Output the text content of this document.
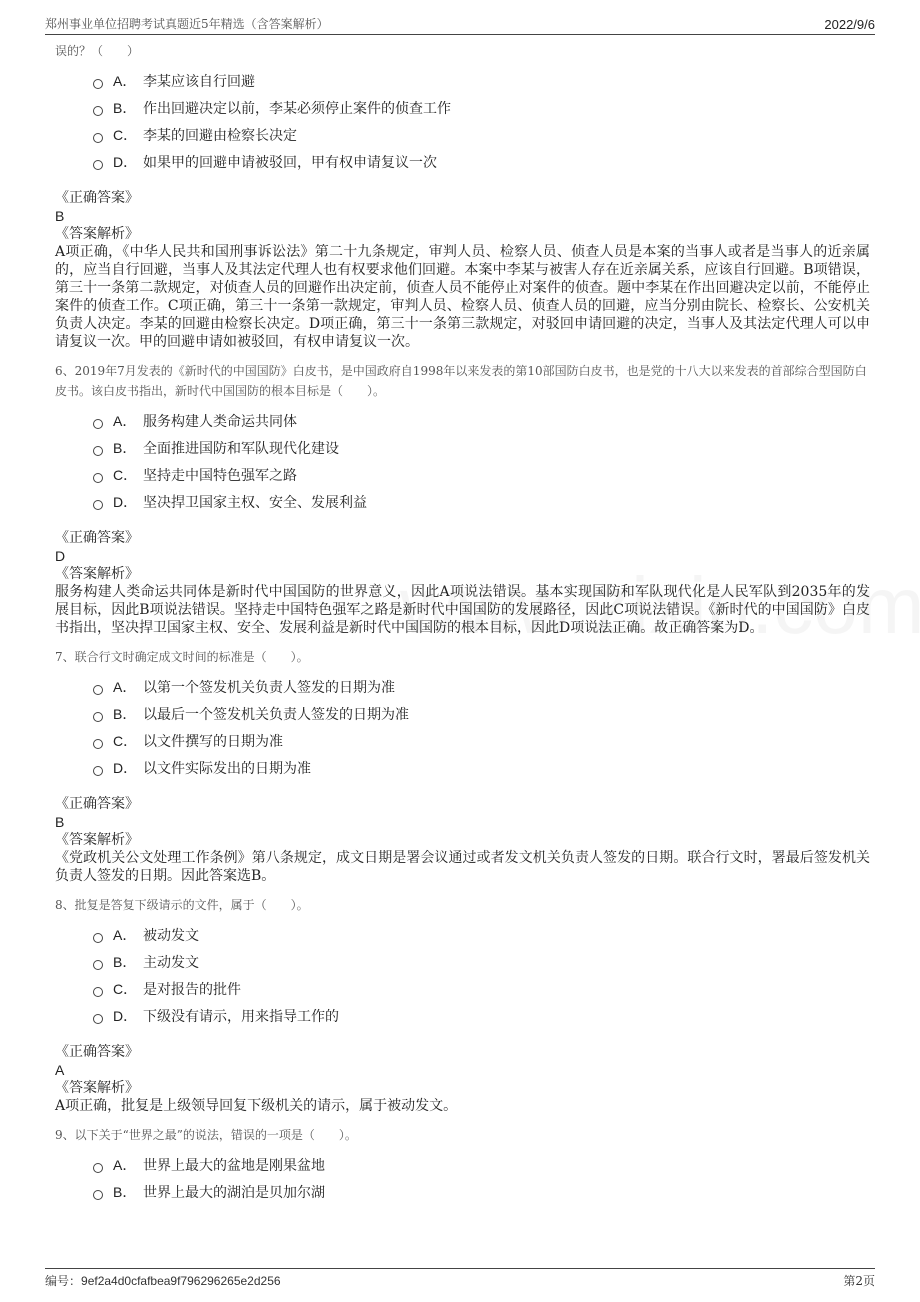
郑州事业单位招聘考试真题近5年精选（含答案解析）	2022/9/6
误的？（　　）
A． 李某应该自行回避
B． 作出回避决定以前，李某必须停止案件的侦查工作
C． 李某的回避由检察长决定
D． 如果甲的回避申请被驳回，甲有权申请复议一次
《正确答案》
B
《答案解析》
A项正确，《中华人民共和国刑事诉讼法》第二十九条规定，审判人员、检察人员、侦查人员是本案的当事人或者是当事人的近亲属的，应当自行回避，当事人及其法定代理人也有权要求他们回避。本案中李某与被害人存在近亲属关系，应该自行回避。B项错误，第三十一条第二款规定，对侦查人员的回避作出决定前，侦查人员不能停止对案件的侦查。题中李某在作出回避决定以前，不能停止案件的侦查工作。C项正确，第三十一条第一款规定，审判人员、检察人员、侦查人员的回避，应当分别由院长、检察长、公安机关负责人决定。李某的回避由检察长决定。D项正确，第三十一条第三款规定，对驳回申请回避的决定，当事人及其法定代理人可以申请复议一次。甲的回避申请如被驳回，有权申请复议一次。
6、2019年7月发表的《新时代的中国国防》白皮书，是中国政府自1998年以来发表的第10部国防白皮书，也是党的十八大以来发表的首部综合型国防白皮书。该白皮书指出，新时代中国国防的根本目标是（　　）。
A． 服务构建人类命运共同体
B． 全面推进国防和军队现代化建设
C． 坚持走中国特色强军之路
D． 坚决捍卫国家主权、安全、发展利益
《正确答案》
D
《答案解析》
服务构建人类命运共同体是新时代中国国防的世界意义，因此A项说法错误。基本实现国防和军队现代化是人民军队到2035年的发展目标，因此B项说法错误。坚持走中国特色强军之路是新时代中国国防的发展路径，因此C项说法错误。《新时代的中国国防》白皮书指出，坚决捍卫国家主权、安全、发展利益是新时代中国国防的根本目标，因此D项说法正确。故正确答案为D。
7、联合行文时确定成文时间的标准是（　　）。
A． 以第一个签发机关负责人签发的日期为准
B． 以最后一个签发机关负责人签发的日期为准
C． 以文件撰写的日期为准
D． 以文件实际发出的日期为准
《正确答案》
B
《答案解析》
《党政机关公文处理工作条例》第八条规定，成文日期是署会议通过或者发文机关负责人签发的日期。联合行文时，署最后签发机关负责人签发的日期。因此答案选B。
8、批复是答复下级请示的文件，属于（　　）。
A． 被动发文
B． 主动发文
C． 是对报告的批件
D． 下级没有请示，用来指导工作的
《正确答案》
A
《答案解析》
A项正确，批复是上级领导回复下级机关的请示，属于被动发文。
9、以下关于“世界之最”的说法，错误的一项是（　　）。
A． 世界上最大的盆地是刚果盆地
B． 世界上最大的湖泊是贝加尔湖
编号：9ef2a4d0cfafbea9f796296265e2d256	第2页
